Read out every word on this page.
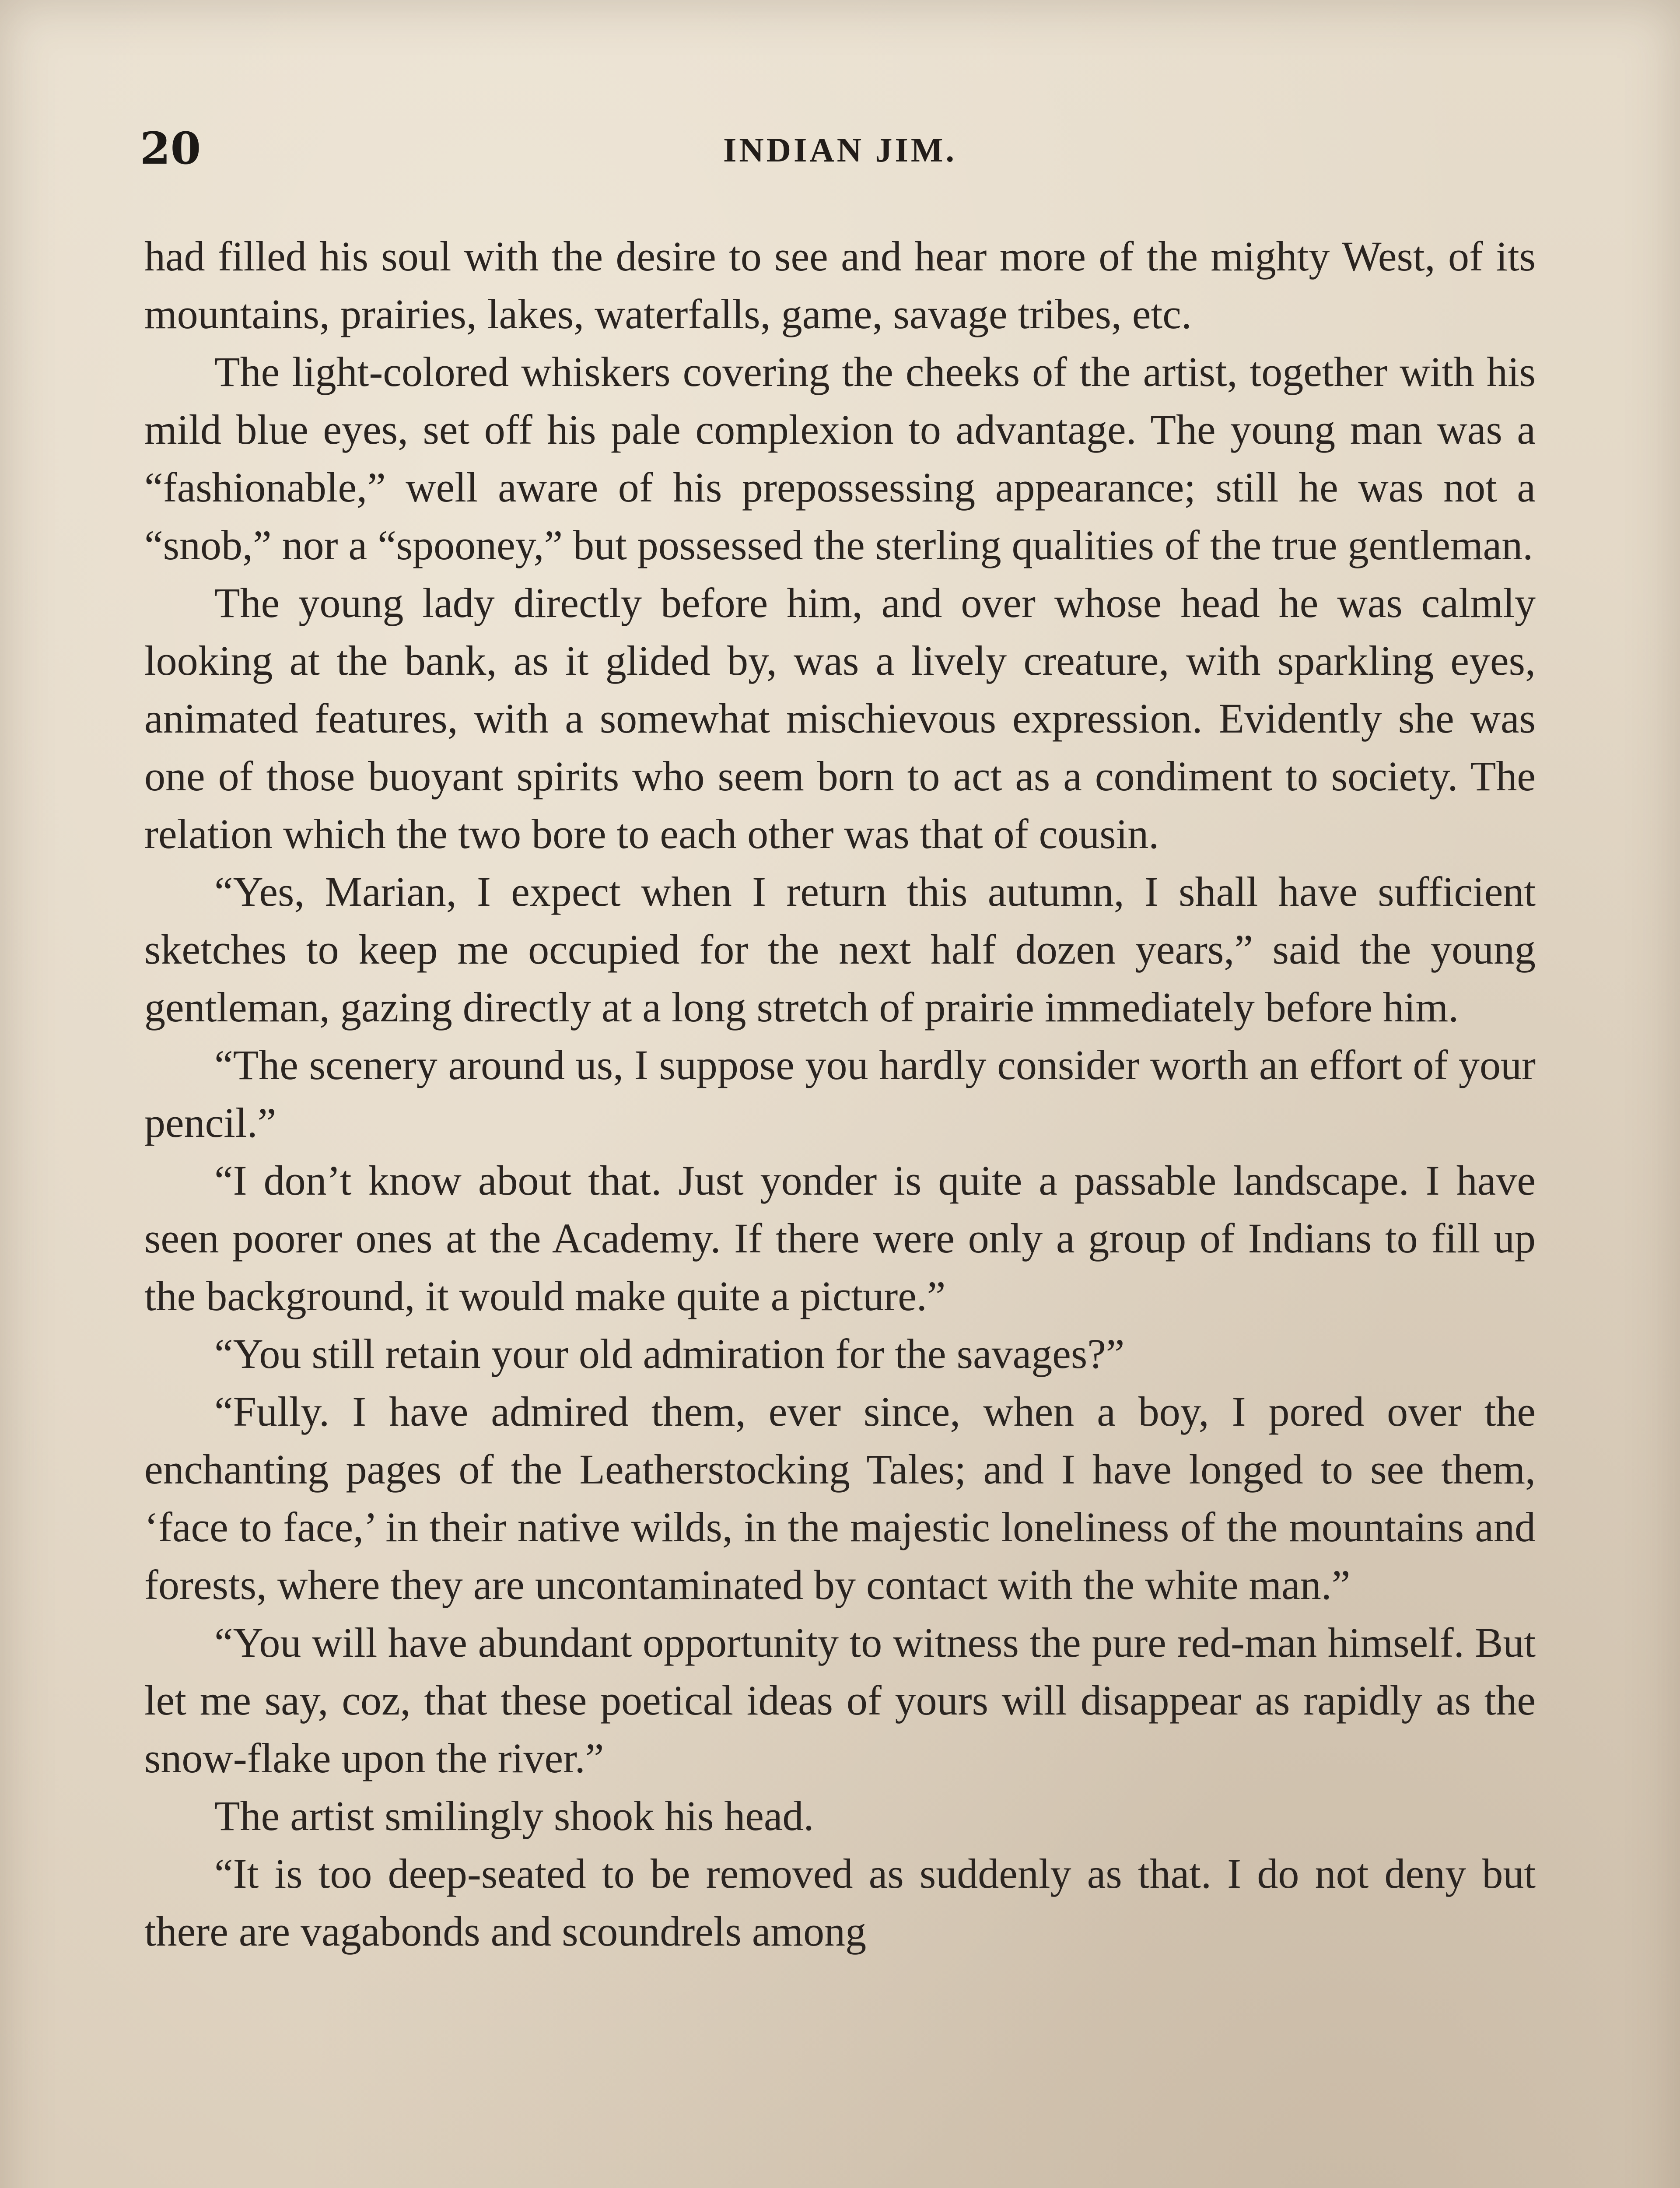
20	INDIAN JIM.

had filled his soul with the desire to see and hear more of the mighty West, of its mountains, prairies, lakes, waterfalls, game, savage tribes, etc.

The light-colored whiskers covering the cheeks of the artist, together with his mild blue eyes, set off his pale complexion to advantage. The young man was a “fashionable,” well aware of his prepossessing appearance; still he was not a “snob,” nor a “spooney,” but possessed the sterling qualities of the true gentleman.

The young lady directly before him, and over whose head he was calmly looking at the bank, as it glided by, was a lively creature, with sparkling eyes, animated features, with a somewhat mischievous expression. Evidently she was one of those buoyant spirits who seem born to act as a condiment to society. The relation which the two bore to each other was that of cousin.

“Yes, Marian, I expect when I return this autumn, I shall have sufficient sketches to keep me occupied for the next half dozen years,” said the young gentleman, gazing directly at a long stretch of prairie immediately before him.

“The scenery around us, I suppose you hardly consider worth an effort of your pencil.”

“I don’t know about that. Just yonder is quite a passable landscape. I have seen poorer ones at the Academy. If there were only a group of Indians to fill up the background, it would make quite a picture.”

“You still retain your old admiration for the savages?”

“Fully. I have admired them, ever since, when a boy, I pored over the enchanting pages of the Leatherstocking Tales; and I have longed to see them, ‘face to face,’ in their native wilds, in the majestic loneliness of the mountains and forests, where they are uncontaminated by contact with the white man.”

“You will have abundant opportunity to witness the pure red-man himself. But let me say, coz, that these poetical ideas of yours will disappear as rapidly as the snow-flake upon the river.”

The artist smilingly shook his head.

“It is too deep-seated to be removed as suddenly as that. I do not deny but there are vagabonds and scoundrels among
